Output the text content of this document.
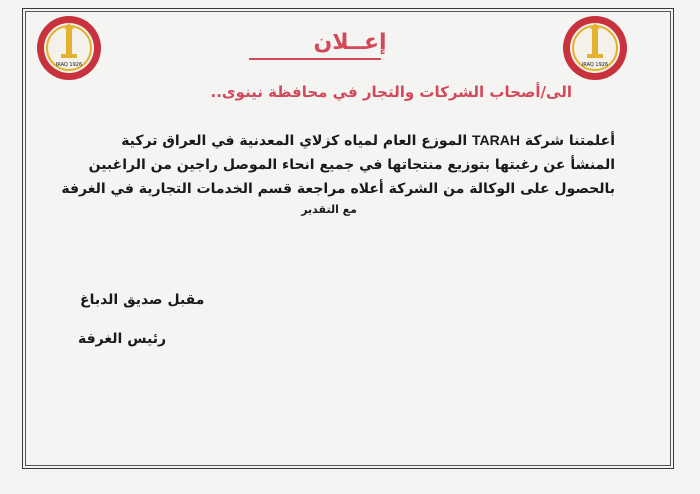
IRAQ 1926	IRAQ 1926
إعــلان
الى/أصحاب الشركات والتجار في محافظة نينوى..
أعلمتنا شركة TARAH الموزع العام لمياه كزلاي المعدنية في العراق تركية
المنشأ عن رغبتها بتوزيع منتجاتها في جميع انحاء الموصل راجين من الراغبين
بالحصول على الوكالة من الشركة أعلاه مراجعة قسم الخدمات التجارية في الغرفة
مع التقدير
مقبل صديق الدباغ
رئيس الغرفة
